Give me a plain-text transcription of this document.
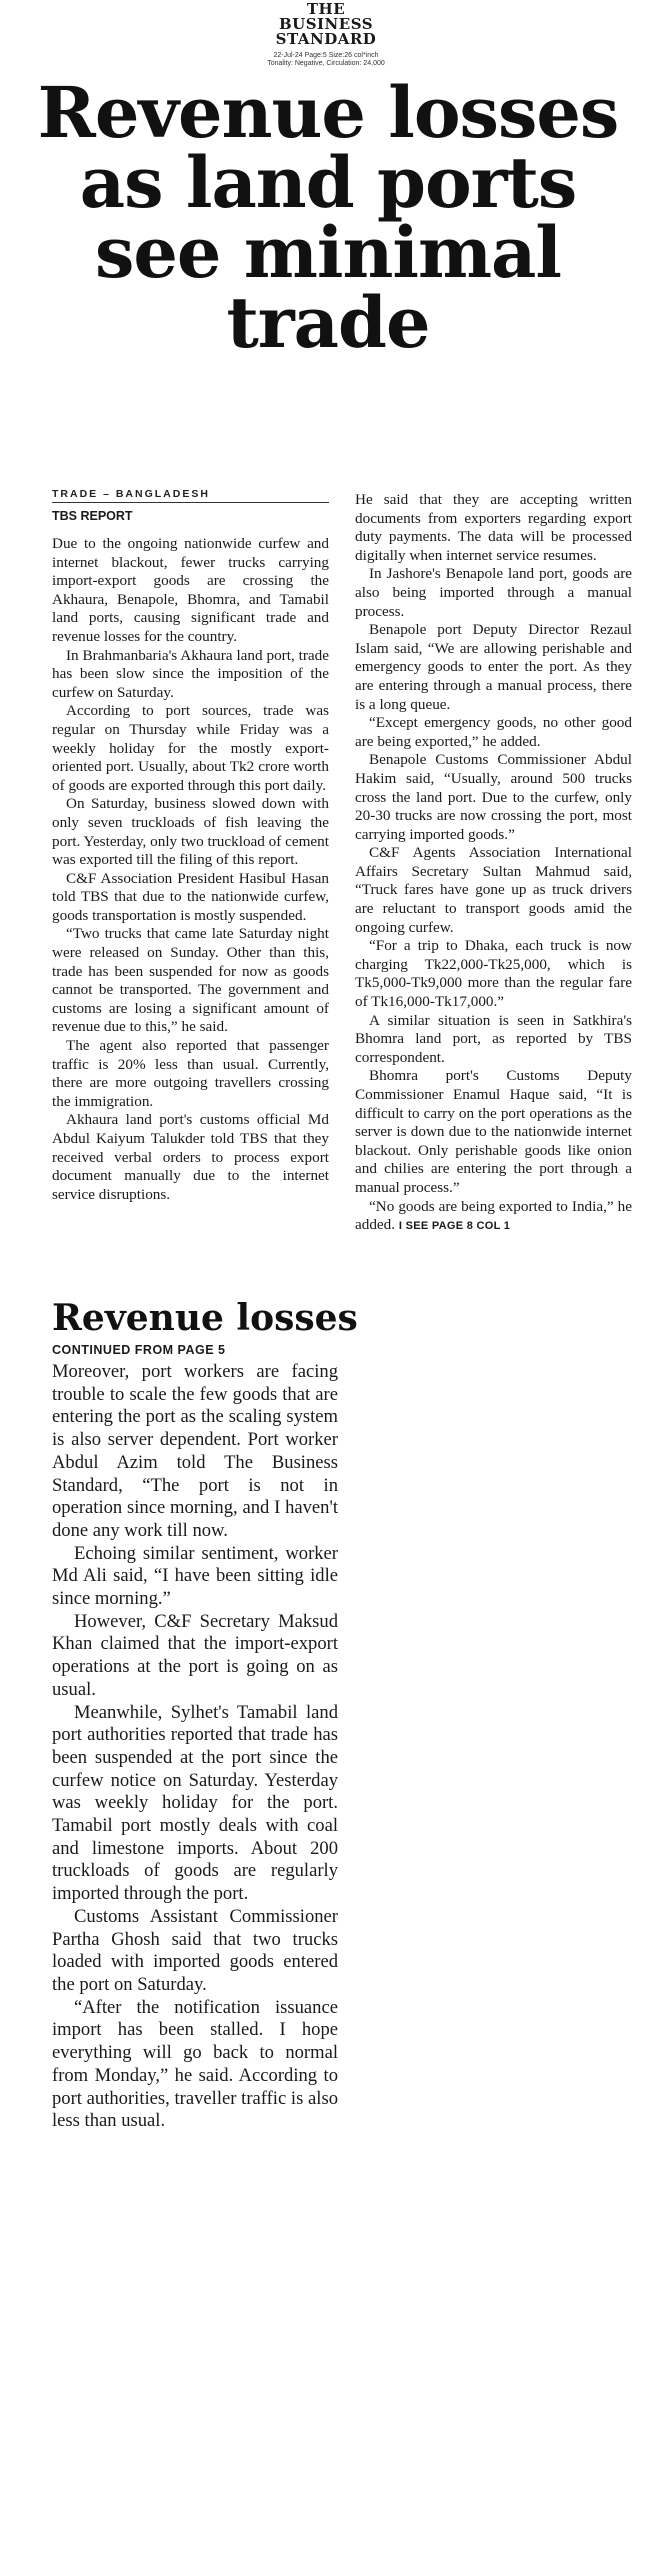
THE
BUSINESS
STANDARD
22-Jul-24 Page:5 Size:26 col*inch
Tonality: Negative, Circulation: 24,000
Revenue losses as land ports see minimal trade
TRADE – BANGLADESH
TBS REPORT

Due to the ongoing nationwide curfew and internet blackout, fewer trucks carrying import-export goods are crossing the Akhaura, Benapole, Bhomra, and Tamabil land ports, causing significant trade and revenue losses for the country.

In Brahmanbaria's Akhaura land port, trade has been slow since the imposition of the curfew on Saturday.

According to port sources, trade was regular on Thursday while Friday was a weekly holiday for the mostly export-oriented port. Usually, about Tk2 crore worth of goods are exported through this port daily.

On Saturday, business slowed down with only seven truckloads of fish leaving the port. Yesterday, only two truckload of cement was exported till the filing of this report.

C&F Association President Hasibul Hasan told TBS that due to the nationwide curfew, goods transportation is mostly suspended.

“Two trucks that came late Saturday night were released on Sunday. Other than this, trade has been suspended for now as goods cannot be transported. The government and customs are losing a significant amount of revenue due to this,” he said.

The agent also reported that passenger traffic is 20% less than usual. Currently, there are more outgoing travellers crossing the immigration.

Akhaura land port's customs official Md Abdul Kaiyum Talukder told TBS that they received verbal orders to process export document manually due to the internet service disruptions.

He said that they are accepting written documents from exporters regarding export duty payments. The data will be processed digitally when internet service resumes.

In Jashore's Benapole land port, goods are also being imported through a manual process.

Benapole port Deputy Director Rezaul Islam said, “We are allowing perishable and emergency goods to enter the port. As they are entering through a manual process, there is a long queue.

“Except emergency goods, no other good are being exported,” he added.

Benapole Customs Commissioner Abdul Hakim said, “Usually, around 500 trucks cross the land port. Due to the curfew, only 20-30 trucks are now crossing the port, most carrying imported goods.”

C&F Agents Association International Affairs Secretary Sultan Mahmud said, “Truck fares have gone up as truck drivers are reluctant to transport goods amid the ongoing curfew.

“For a trip to Dhaka, each truck is now charging Tk22,000-Tk25,000, which is Tk5,000-Tk9,000 more than the regular fare of Tk16,000-Tk17,000.”

A similar situation is seen in Satkhira's Bhomra land port, as reported by TBS correspondent.

Bhomra port's Customs Deputy Commissioner Enamul Haque said, “It is difficult to carry on the port operations as the server is down due to the nationwide internet blackout. Only perishable goods like onion and chilies are entering the port through a manual process.”

“No goods are being exported to India,” he added. I SEE PAGE 8 COL 1

Revenue losses
CONTINUED FROM PAGE 5

Moreover, port workers are facing trouble to scale the few goods that are entering the port as the scaling system is also server dependent. Port worker Abdul Azim told The Business Standard, “The port is not in operation since morning, and I haven't done any work till now.

Echoing similar sentiment, worker Md Ali said, “I have been sitting idle since morning.”

However, C&F Secretary Maksud Khan claimed that the import-export operations at the port is going on as usual.

Meanwhile, Sylhet's Tamabil land port authorities reported that trade has been suspended at the port since the curfew notice on Saturday. Yesterday was weekly holiday for the port. Tamabil port mostly deals with coal and limestone imports. About 200 truckloads of goods are regularly imported through the port.

Customs Assistant Commissioner Partha Ghosh said that two trucks loaded with imported goods entered the port on Saturday.

“After the notification issuance import has been stalled. I hope everything will go back to normal from Monday,” he said. According to port authorities, traveller traffic is also less than usual.
